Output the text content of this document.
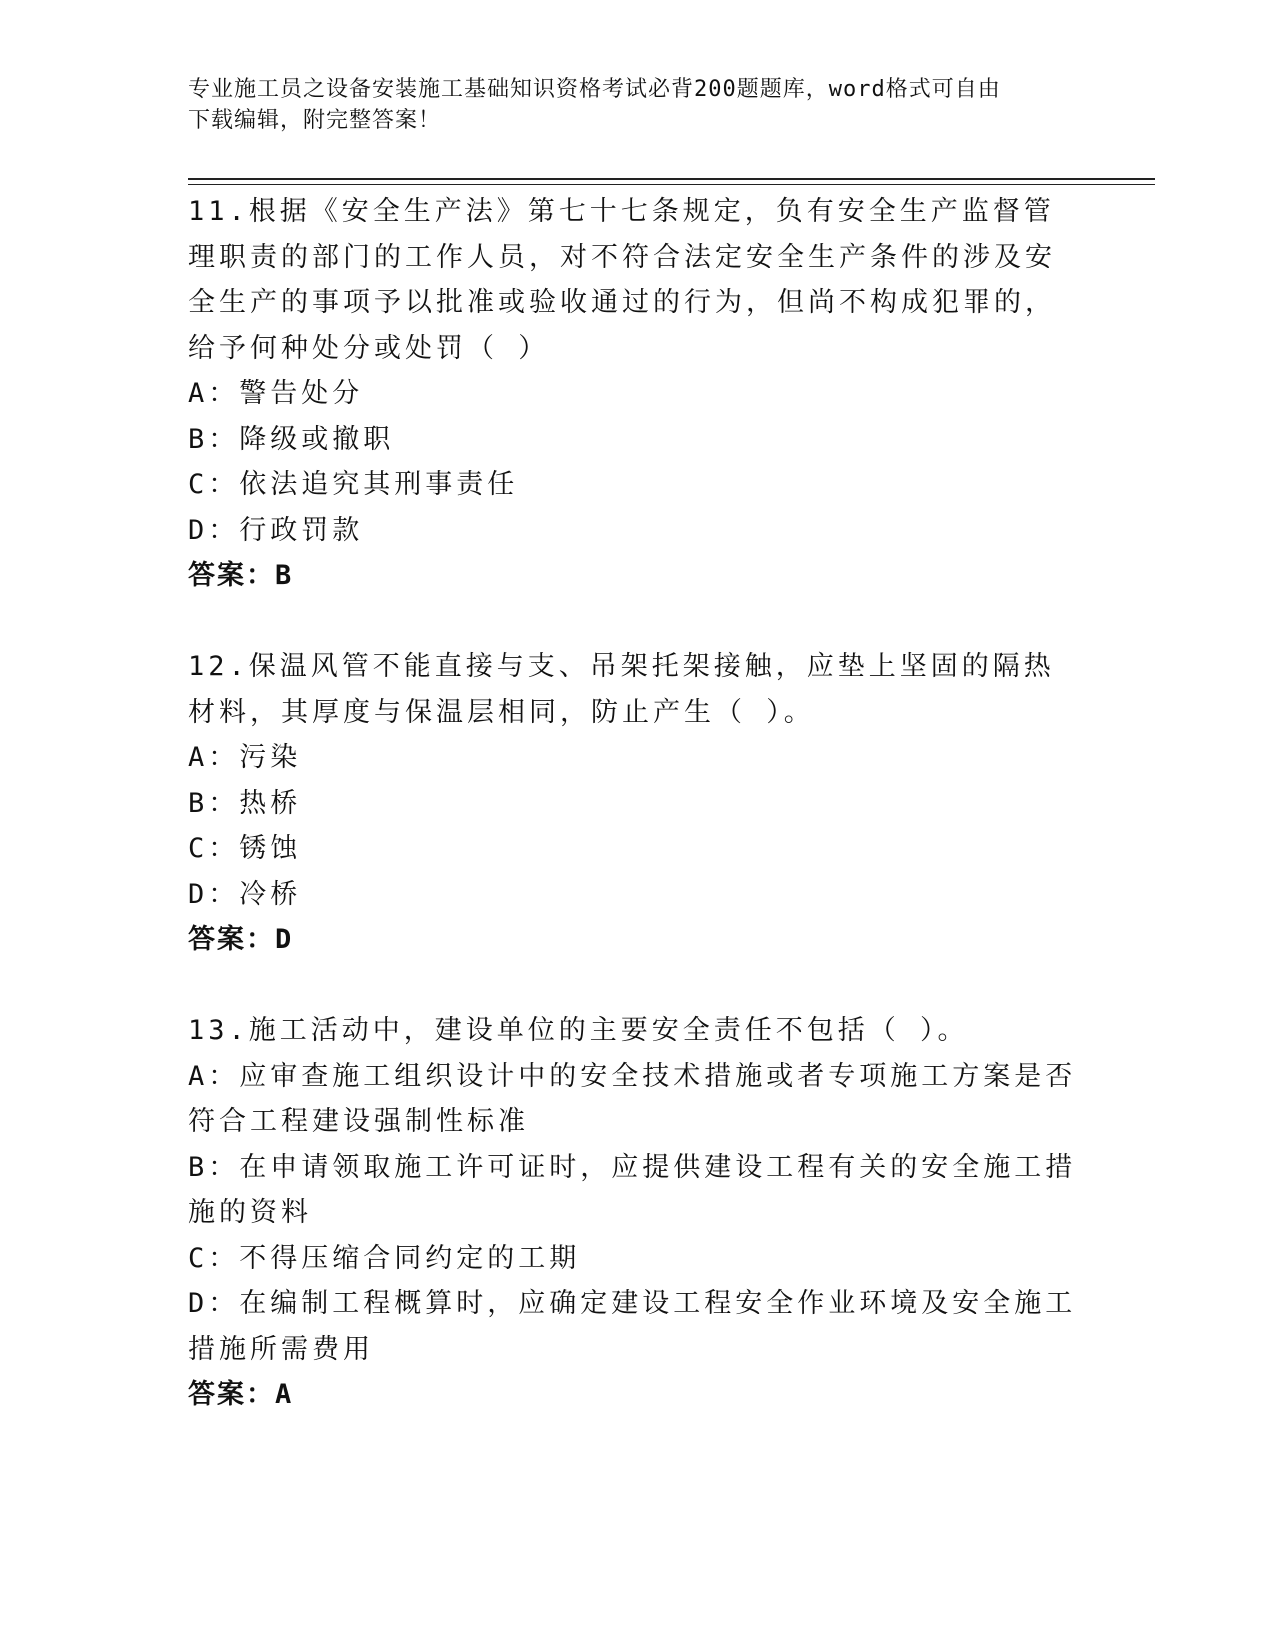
专业施工员之设备安装施工基础知识资格考试必背200题题库，word格式可自由
下载编辑，附完整答案！
11.根据《安全生产法》第七十七条规定，负有安全生产监督管理职责的部门的工作人员，对不符合法定安全生产条件的涉及安全生产的事项予以批准或验收通过的行为，但尚不构成犯罪的，给予何种处分或处罚（ ）
A：警告处分
B：降级或撤职
C：依法追究其刑事责任
D：行政罚款
答案：B
12.保温风管不能直接与支、吊架托架接触，应垫上坚固的隔热材料，其厚度与保温层相同，防止产生（ ）。
A：污染
B：热桥
C：锈蚀
D：冷桥
答案：D
13.施工活动中，建设单位的主要安全责任不包括（ ）。
A：应审查施工组织设计中的安全技术措施或者专项施工方案是否符合工程建设强制性标准
B：在申请领取施工许可证时，应提供建设工程有关的安全施工措施的资料
C：不得压缩合同约定的工期
D：在编制工程概算时，应确定建设工程安全作业环境及安全施工措施所需费用
答案：A
